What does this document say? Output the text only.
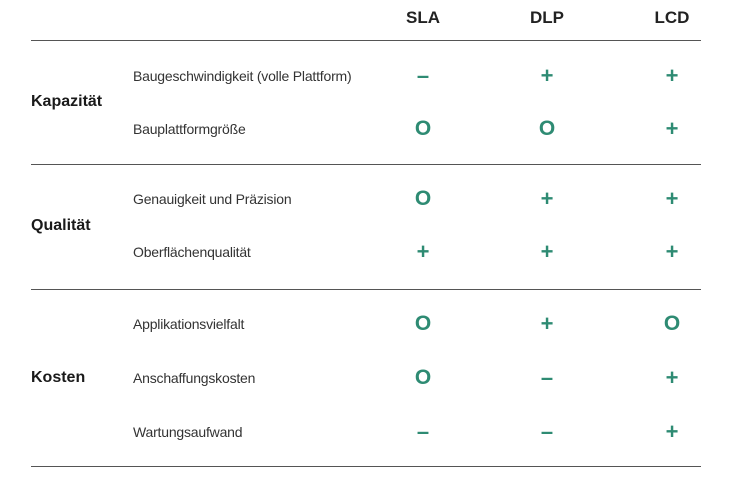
SLA	DLP	LCD
Kapazität
Baugeschwindigkeit (volle Plattform)	–	+	+
Bauplattformgröße	O	O	+
Qualität
Genauigkeit und Präzision	O	+	+
Oberflächenqualität	+	+	+
Kosten
Applikationsvielfalt	O	+	O
Anschaffungskosten	O	–	+
Wartungsaufwand	–	–	+
